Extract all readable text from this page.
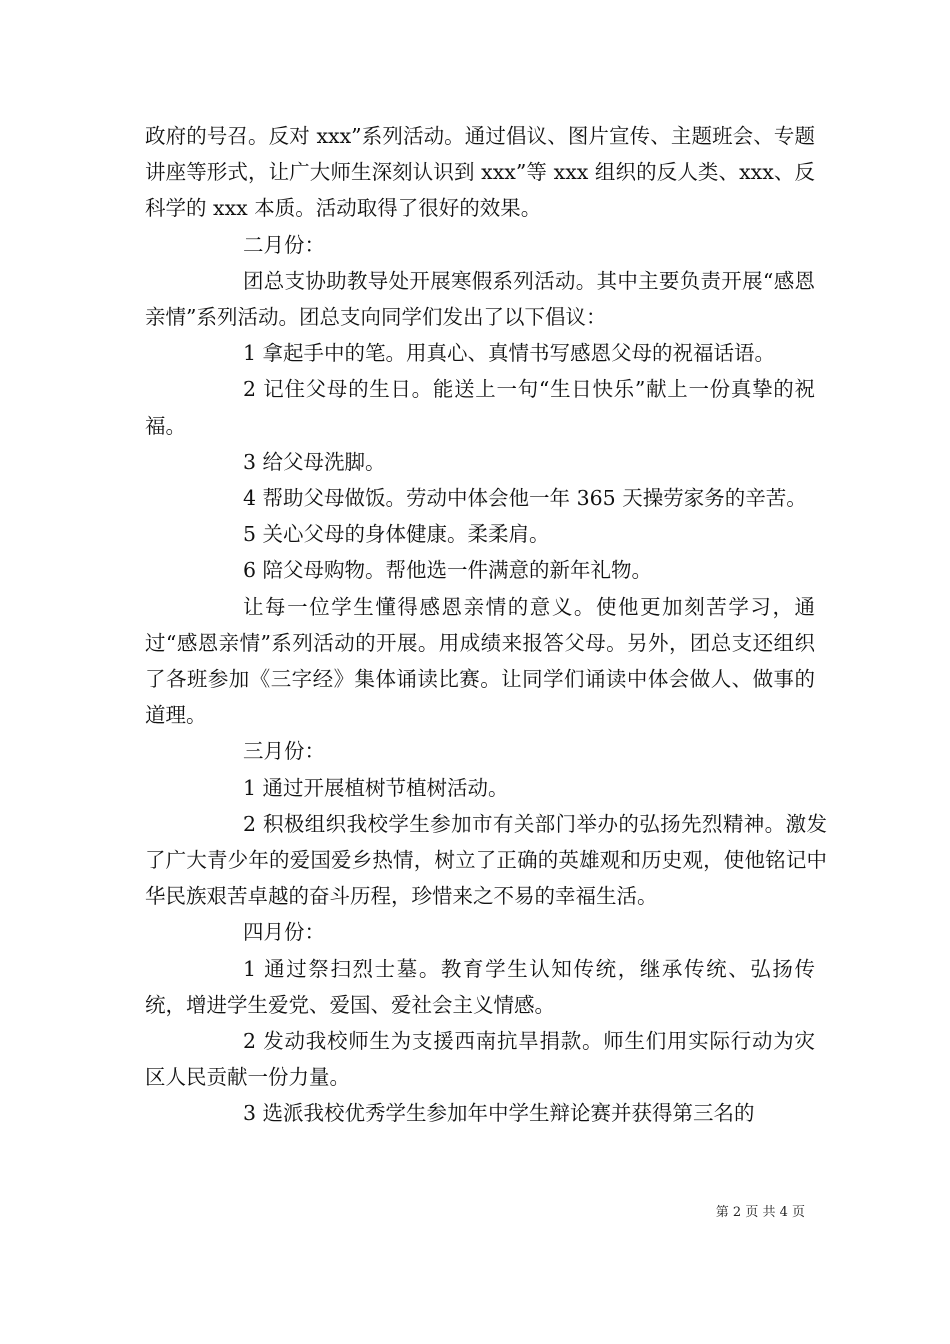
政府的号召。反对 xxx”系列活动。通过倡议、图片宣传、主题班会、专题讲座等形式，让广大师生深刻认识到 xxx”等 xxx 组织的反人类、xxx、反科学的 xxx 本质。活动取得了很好的效果。

二月份：

团总支协助教导处开展寒假系列活动。其中主要负责开展“感恩亲情”系列活动。团总支向同学们发出了以下倡议：

1 拿起手中的笔。用真心、真情书写感恩父母的祝福话语。

2 记住父母的生日。能送上一句“生日快乐”献上一份真挚的祝福。

3 给父母洗脚。

4 帮助父母做饭。劳动中体会他一年 365 天操劳家务的辛苦。

5 关心父母的身体健康。柔柔肩。

6 陪父母购物。帮他选一件满意的新年礼物。

让每一位学生懂得感恩亲情的意义。使他更加刻苦学习，通过“感恩亲情”系列活动的开展。用成绩来报答父母。另外，团总支还组织了各班参加《三字经》集体诵读比赛。让同学们诵读中体会做人、做事的道理。

三月份：

1 通过开展植树节植树活动。

2 积极组织我校学生参加市有关部门举办的弘扬先烈精神。激发了广大青少年的爱国爱乡热情，树立了正确的英雄观和历史观，使他铭记中华民族艰苦卓越的奋斗历程，珍惜来之不易的幸福生活。

四月份：

1 通过祭扫烈士墓。教育学生认知传统，继承传统、弘扬传统，增进学生爱党、爱国、爱社会主义情感。

2 发动我校师生为支援西南抗旱捐款。师生们用实际行动为灾区人民贡献一份力量。

3 选派我校优秀学生参加年中学生辩论赛并获得第三名的

第 2 页 共 4 页
